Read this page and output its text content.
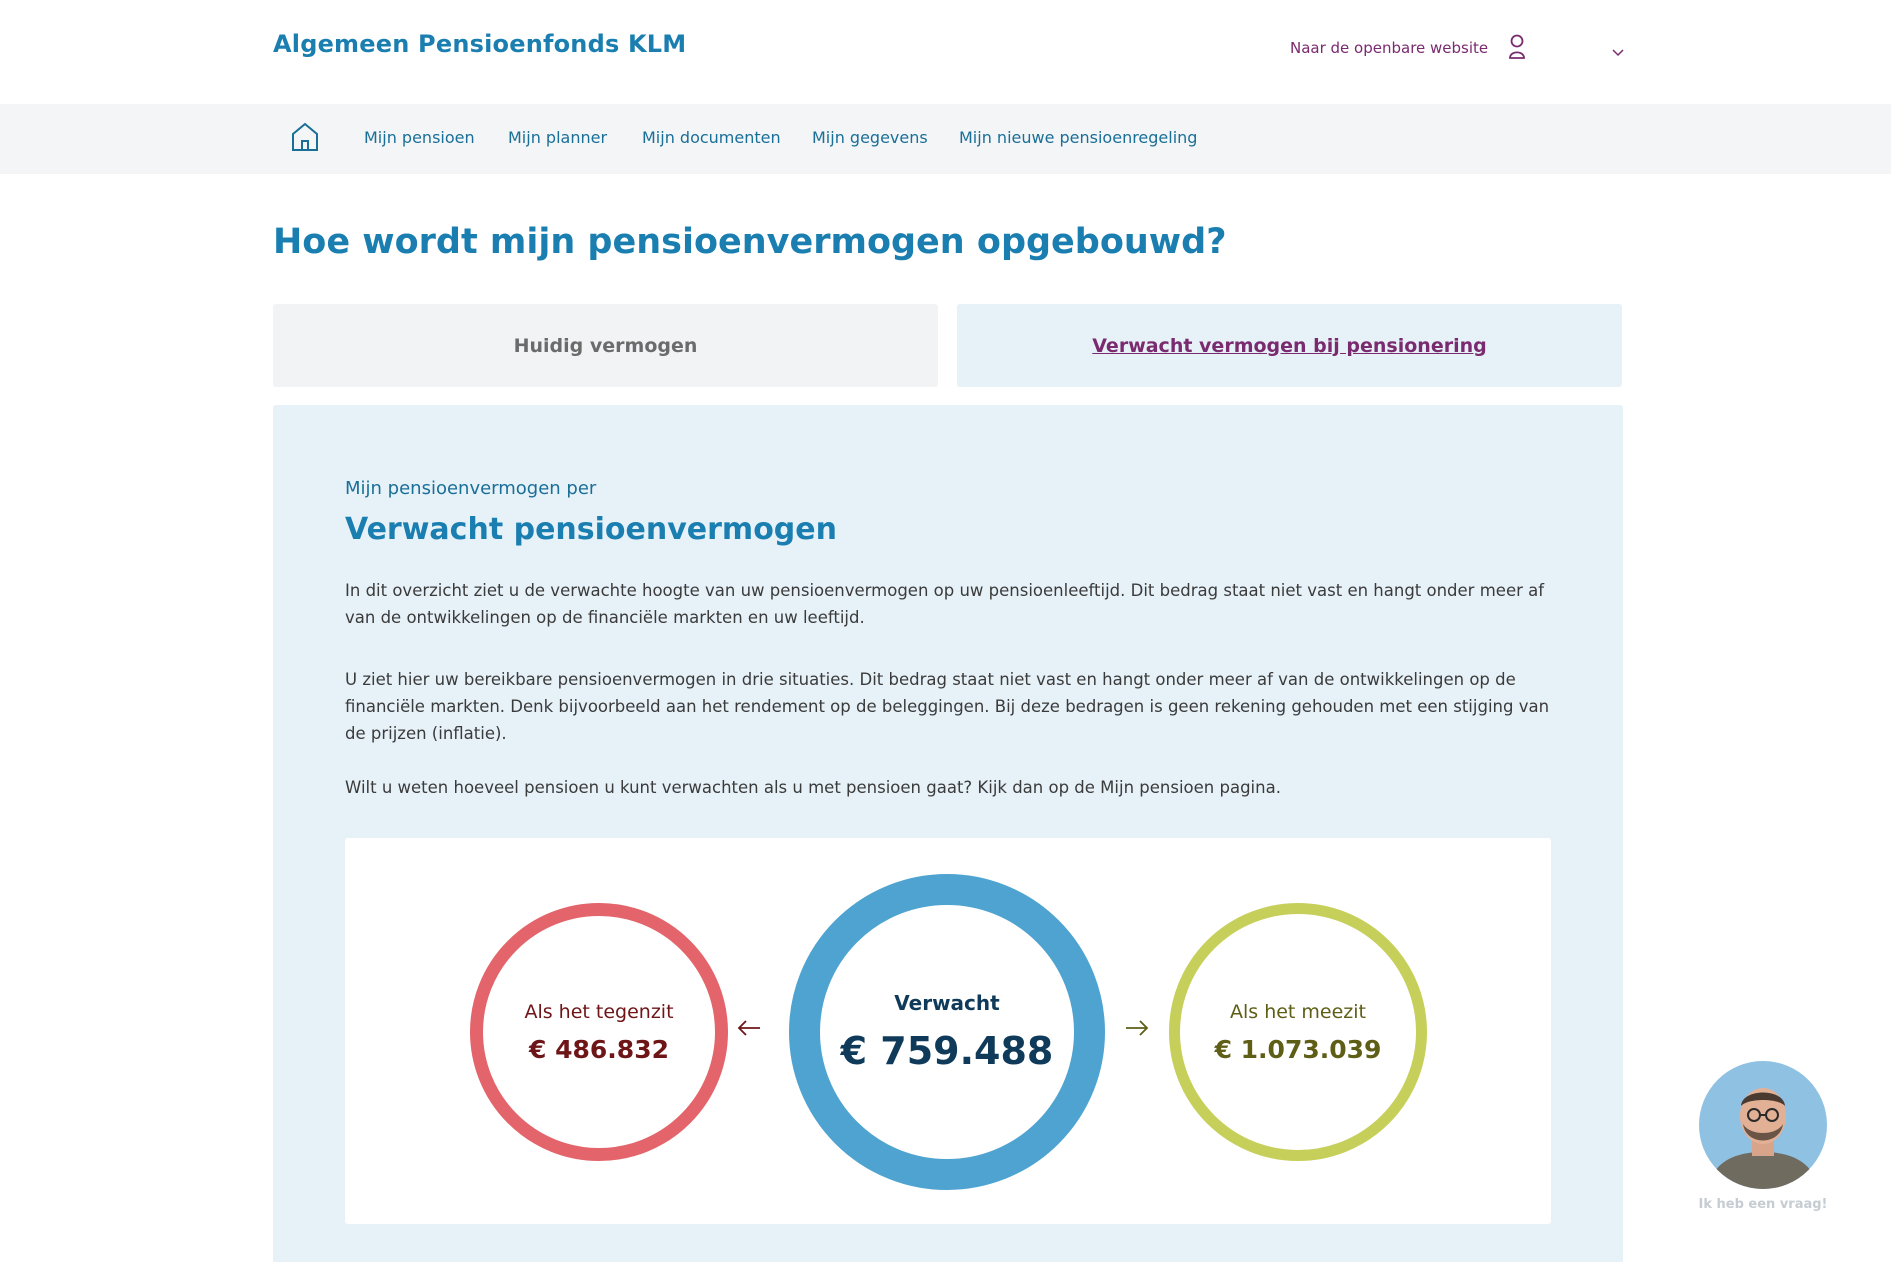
Algemeen Pensioenfonds KLM	Naar de openbare website
Mijn pensioen Mijn planner Mijn documenten Mijn gegevens Mijn nieuwe pensioenregeling
Hoe wordt mijn pensioenvermogen opgebouwd?
Huidig vermogen	Verwacht vermogen bij pensionering
Mijn pensioenvermogen per
Verwacht pensioenvermogen

In dit overzicht ziet u de verwachte hoogte van uw pensioenvermogen op uw pensioenleeftijd. Dit bedrag staat niet vast en hangt onder meer af van de ontwikkelingen op de financiële markten en uw leeftijd.

U ziet hier uw bereikbare pensioenvermogen in drie situaties. Dit bedrag staat niet vast en hangt onder meer af van de ontwikkelingen op de financiële markten. Denk bijvoorbeeld aan het rendement op de beleggingen. Bij deze bedragen is geen rekening gehouden met een stijging van de prijzen (inflatie).

Wilt u weten hoeveel pensioen u kunt verwachten als u met pensioen gaat? Kijk dan op de Mijn pensioen pagina.

Als het tegenzit
€ 486.832
Verwacht
€ 759.488
Als het meezit
€ 1.073.039
Ik heb een vraag!
